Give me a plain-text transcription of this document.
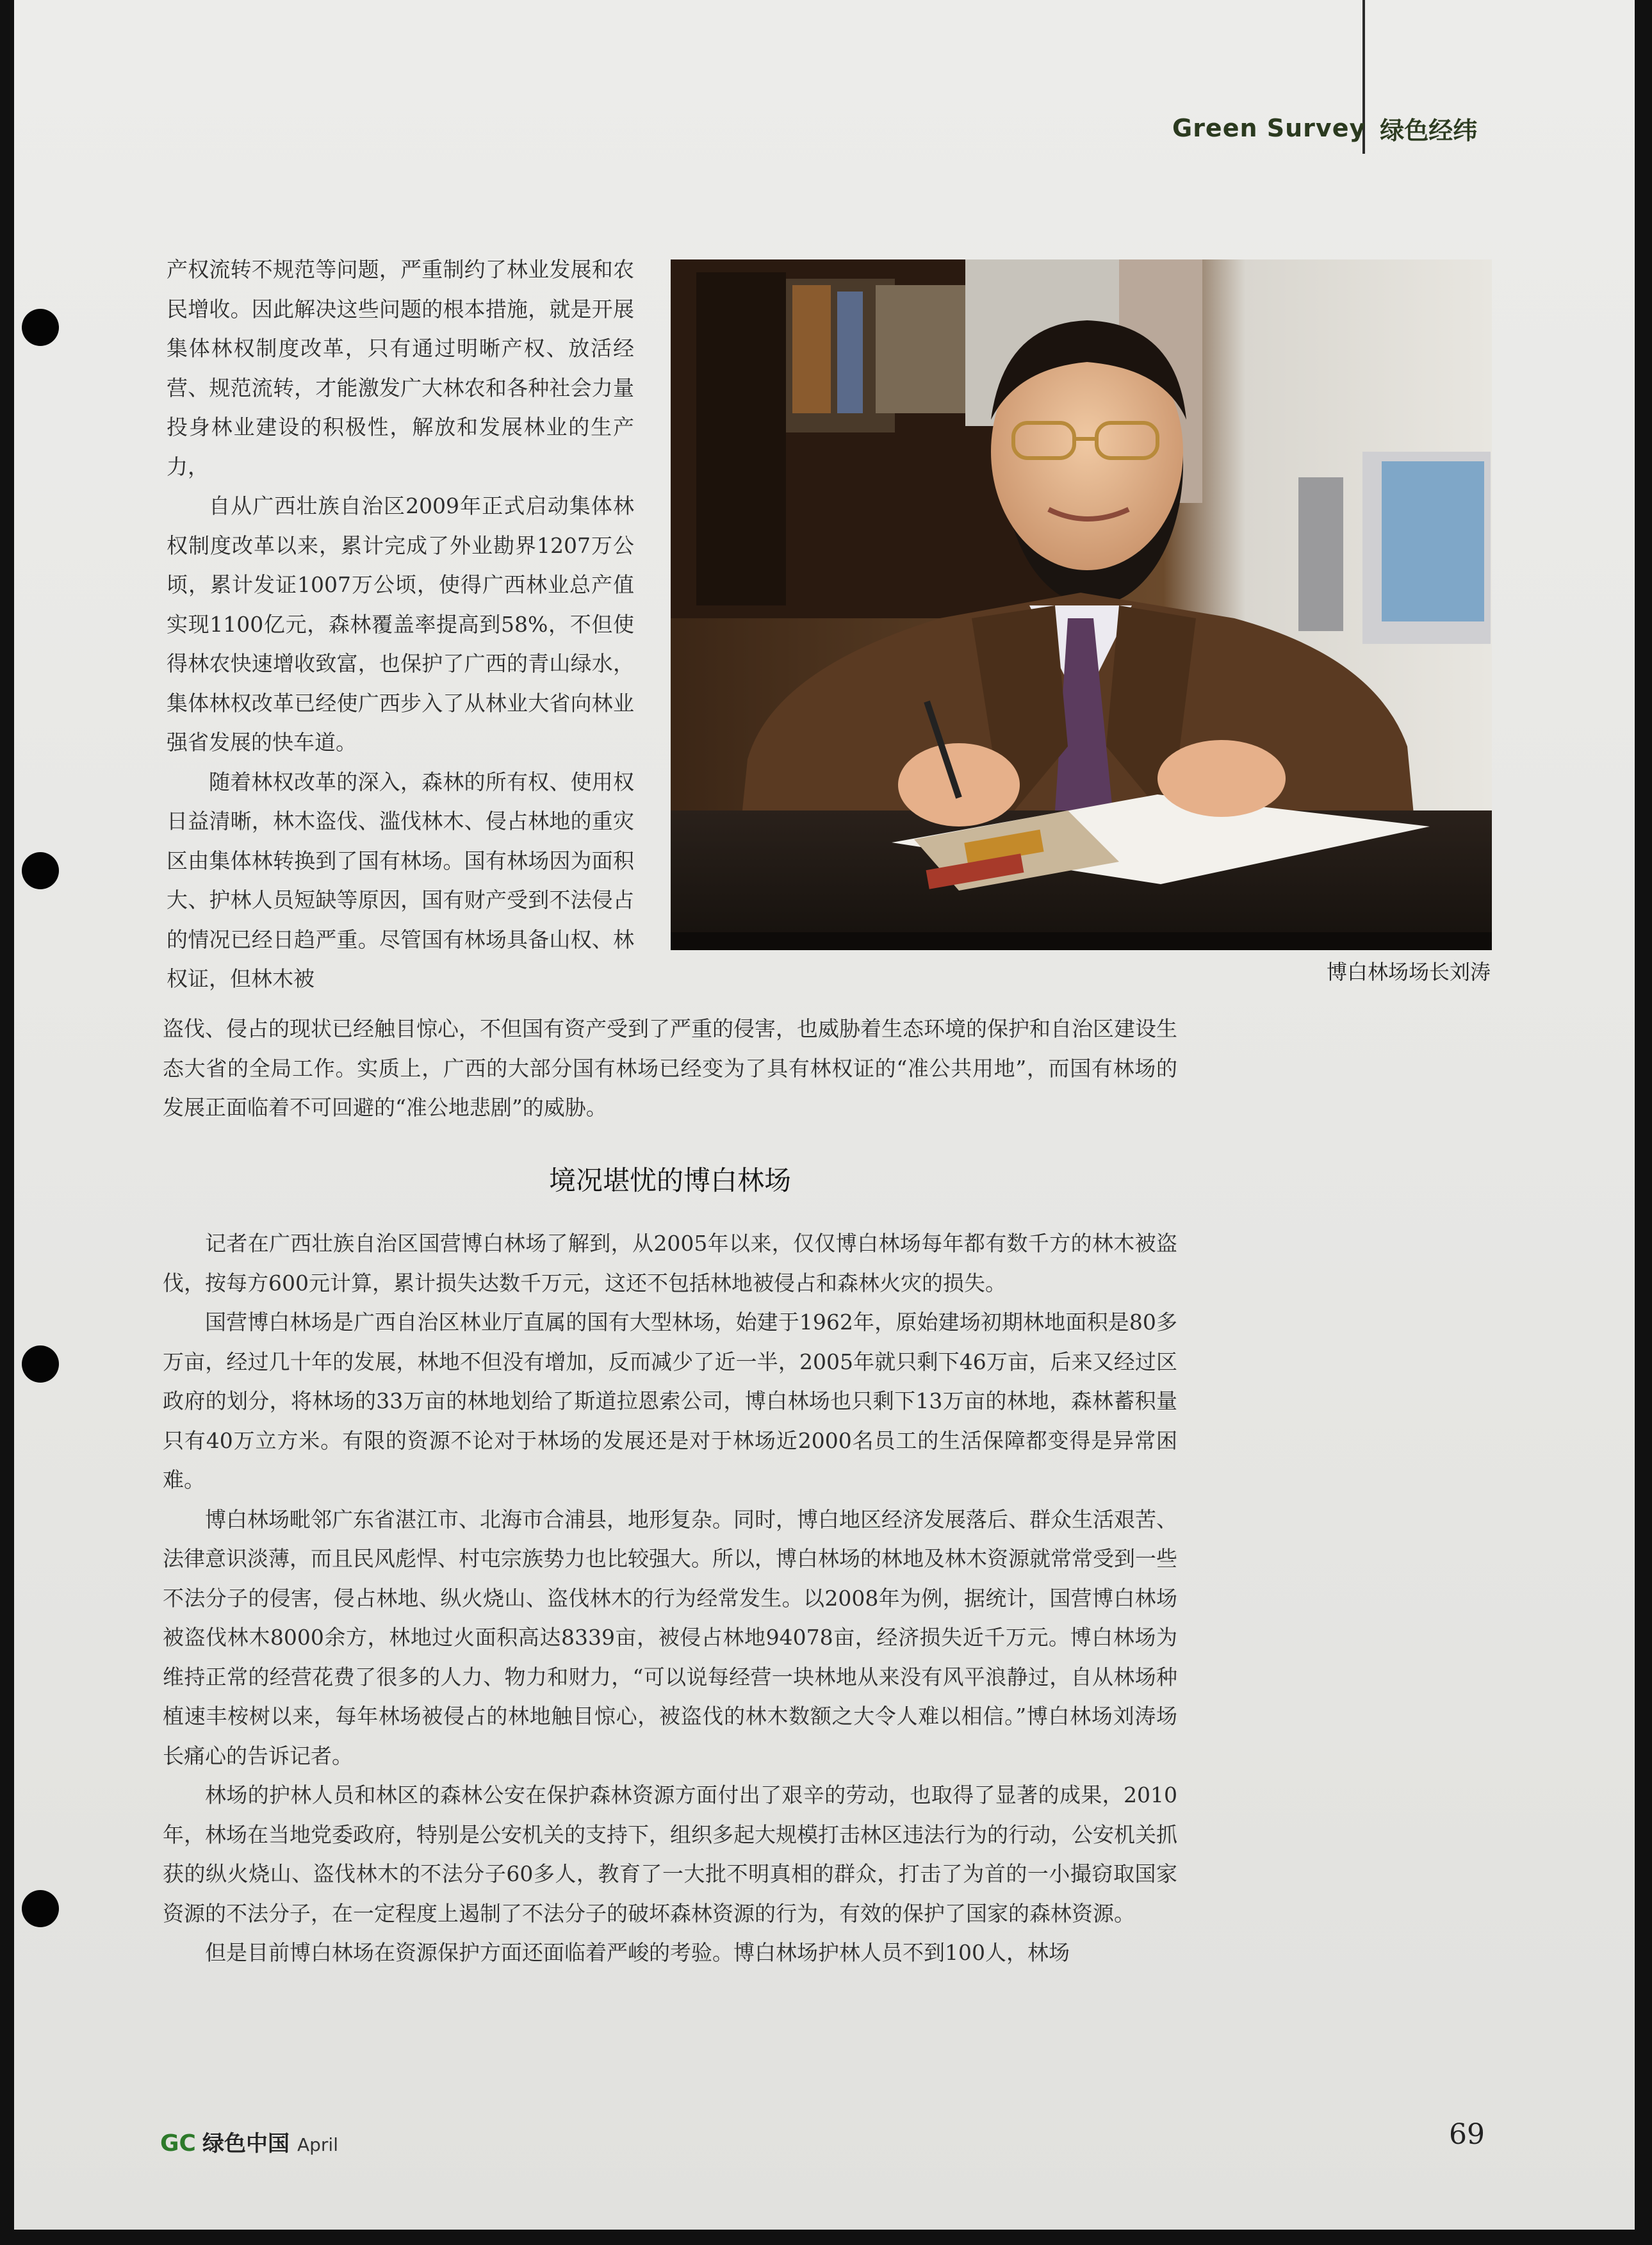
Green Survey 绿色经纬

产权流转不规范等问题，严重制约了林业发展和农民增收。因此解决这些问题的根本措施，就是开展集体林权制度改革，只有通过明晰产权、放活经营、规范流转，才能激发广大林农和各种社会力量投身林业建设的积极性，解放和发展林业的生产力，

自从广西壮族自治区2009年正式启动集体林权制度改革以来，累计完成了外业勘界1207万公顷，累计发证1007万公顷，使得广西林业总产值实现1100亿元，森林覆盖率提高到58%，不但使得林农快速增收致富，也保护了广西的青山绿水，集体林权改革已经使广西步入了从林业大省向林业强省发展的快车道。

随着林权改革的深入，森林的所有权、使用权日益清晰，林木盗伐、滥伐林木、侵占林地的重灾区由集体林转换到了国有林场。国有林场因为面积大、护林人员短缺等原因，国有财产受到不法侵占的情况已经日趋严重。尽管国有林场具备山权、林权证，但林木被	博白林场场长刘涛

盗伐、侵占的现状已经触目惊心，不但国有资产受到了严重的侵害，也威胁着生态环境的保护和自治区建设生态大省的全局工作。实质上，广西的大部分国有林场已经变为了具有林权证的“准公共用地”，而国有林场的发展正面临着不可回避的“准公地悲剧”的威胁。

境况堪忧的博白林场

记者在广西壮族自治区国营博白林场了解到，从2005年以来，仅仅博白林场每年都有数千方的林木被盗伐，按每方600元计算，累计损失达数千万元，这还不包括林地被侵占和森林火灾的损失。

国营博白林场是广西自治区林业厅直属的国有大型林场，始建于1962年，原始建场初期林地面积是80多万亩，经过几十年的发展，林地不但没有增加，反而减少了近一半，2005年就只剩下46万亩，后来又经过区政府的划分，将林场的33万亩的林地划给了斯道拉恩索公司，博白林场也只剩下13万亩的林地，森林蓄积量只有40万立方米。有限的资源不论对于林场的发展还是对于林场近2000名员工的生活保障都变得是异常困难。

博白林场毗邻广东省湛江市、北海市合浦县，地形复杂。同时，博白地区经济发展落后、群众生活艰苦、法律意识淡薄，而且民风彪悍、村屯宗族势力也比较强大。所以，博白林场的林地及林木资源就常常受到一些不法分子的侵害，侵占林地、纵火烧山、盗伐林木的行为经常发生。以2008年为例，据统计，国营博白林场被盗伐林木8000余方，林地过火面积高达8339亩，被侵占林地94078亩，经济损失近千万元。博白林场为维持正常的经营花费了很多的人力、物力和财力，“可以说每经营一块林地从来没有风平浪静过，自从林场种植速丰桉树以来，每年林场被侵占的林地触目惊心，被盗伐的林木数额之大令人难以相信。”博白林场刘涛场长痛心的告诉记者。

林场的护林人员和林区的森林公安在保护森林资源方面付出了艰辛的劳动，也取得了显著的成果，2010年，林场在当地党委政府，特别是公安机关的支持下，组织多起大规模打击林区违法行为的行动，公安机关抓获的纵火烧山、盗伐林木的不法分子60多人，教育了一大批不明真相的群众，打击了为首的一小撮窃取国家资源的不法分子，在一定程度上遏制了不法分子的破坏森林资源的行为，有效的保护了国家的森林资源。

但是目前博白林场在资源保护方面还面临着严峻的考验。博白林场护林人员不到100人，林场

GC 绿色中国 April	69
